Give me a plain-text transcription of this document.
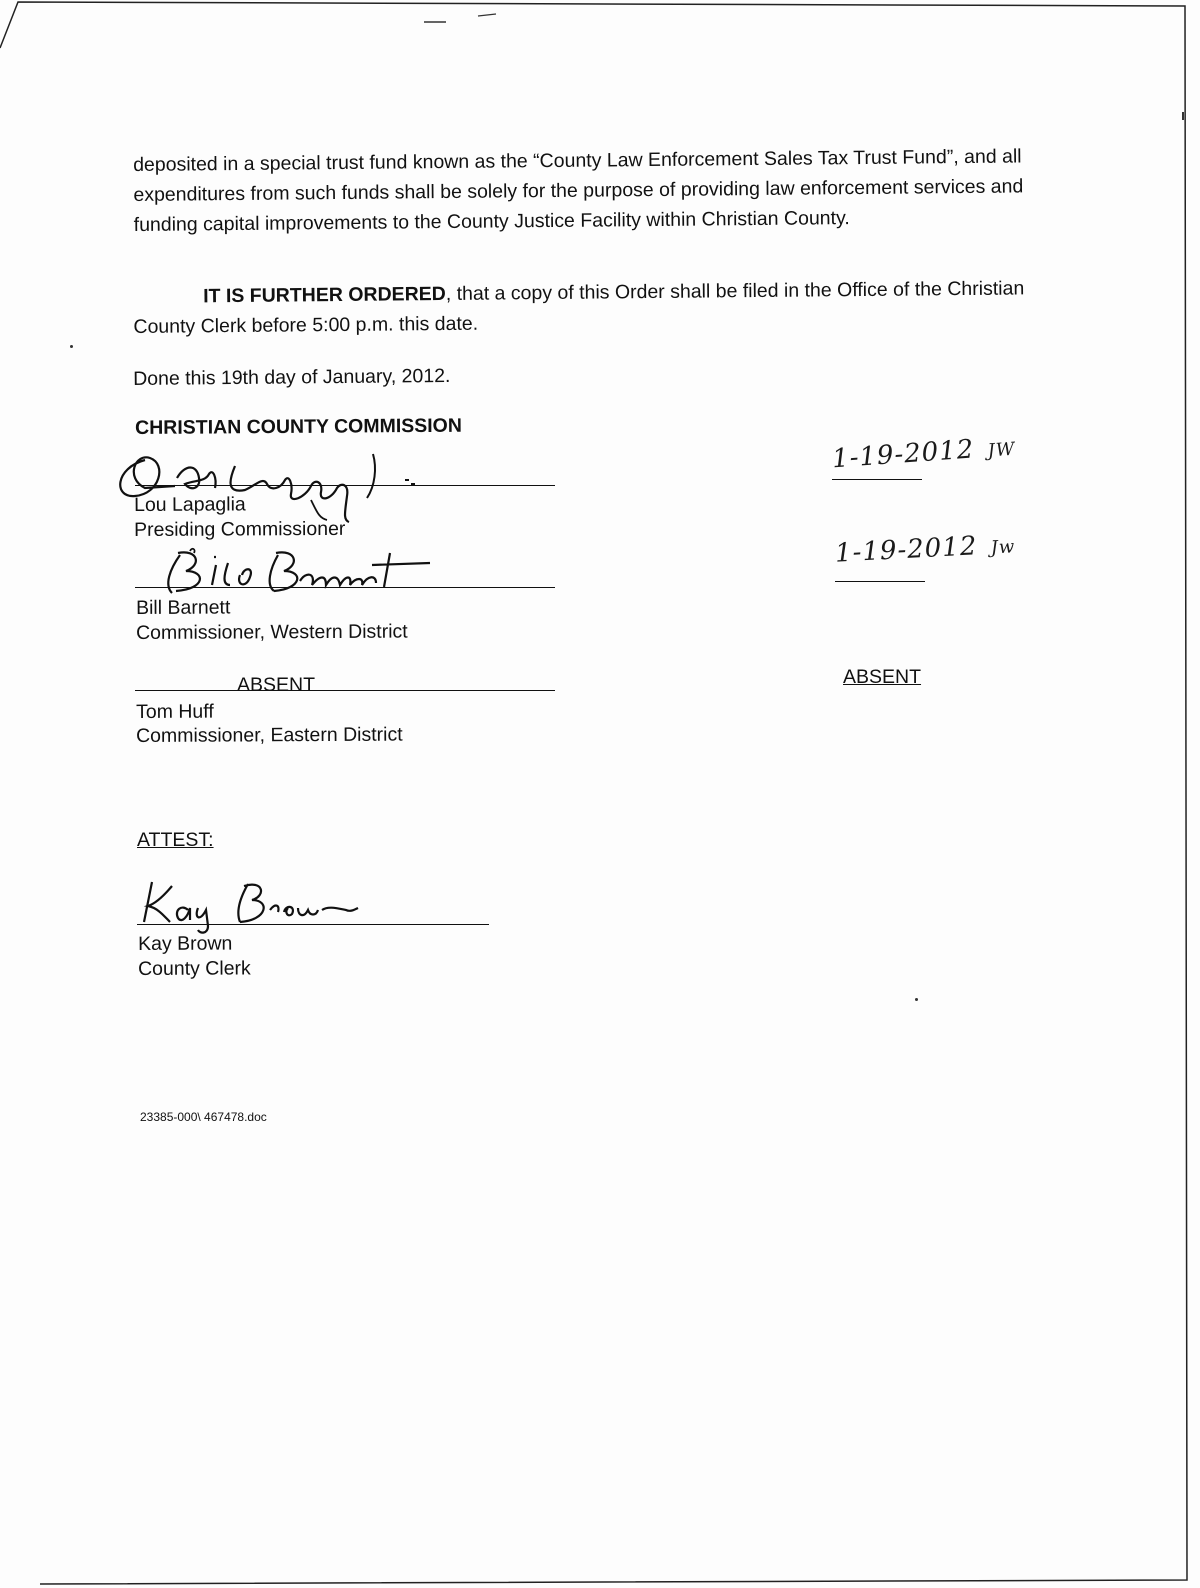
deposited in a special trust fund known as the “County Law Enforcement Sales Tax Trust Fund”, and all expenditures from such funds shall be solely for the purpose of providing law enforcement services and funding capital improvements to the County Justice Facility within Christian County.
IT IS FURTHER ORDERED, that a copy of this Order shall be filed in the Office of the Christian County Clerk before 5:00 p.m. this date.
Done this 19th day of January, 2012.
CHRISTIAN COUNTY COMMISSION
Lou Lapaglia
Presiding Commissioner
1-19-2012 JW
Bill Barnett
Commissioner, Western District
1-19-2012 Jw
ABSENT
Tom Huff
Commissioner, Eastern District
ABSENT
ATTEST:
Kay Brown
County Clerk
23385-000\ 467478.doc
